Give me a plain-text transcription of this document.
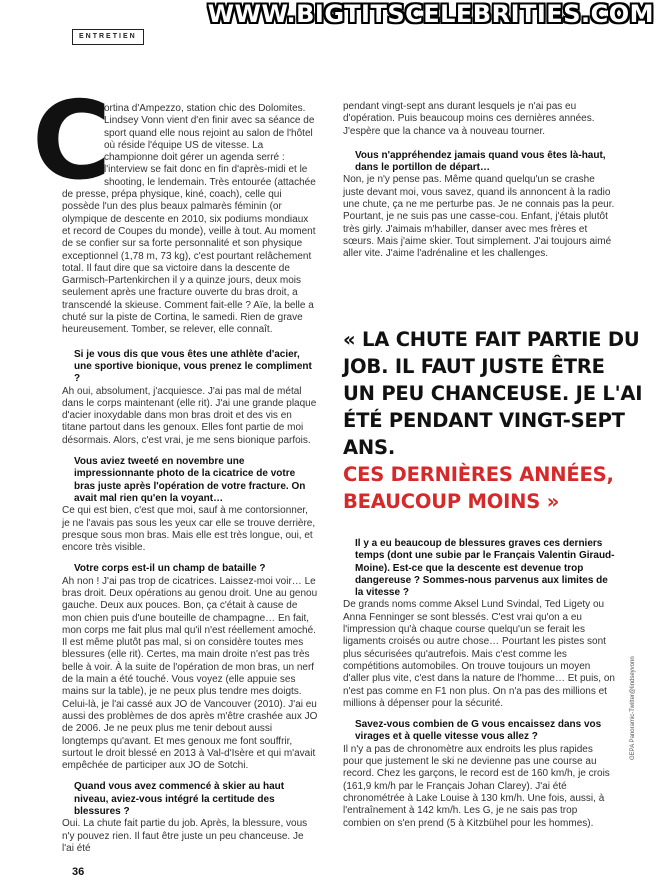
WWW.BIGTITSCELEBRITIES.COM
ENTRETIEN
C

ortina d'Ampezzo, station chic des Dolomites. Lindsey Vonn vient d'en finir avec sa séance de sport quand elle nous rejoint au salon de l'hôtel où réside l'équipe US de vitesse. La championne doit gérer un agenda serré : l'interview se fait donc en fin d'après-midi et le shooting, le lendemain. Très entourée (attachée de presse, prépa physique, kiné, coach), celle qui possède l'un des plus beaux palmarès féminin (or olympique de descente en 2010, six podiums mondiaux et record de Coupes du monde), veille à tout. Au moment de se confier sur sa forte personnalité et son physique exceptionnel (1,78 m, 73 kg), c'est pourtant relâchement total. Il faut dire que sa victoire dans la descente de Garmisch-Partenkirchen il y a quinze jours, deux mois seulement après une fracture ouverte du bras droit, a transcendé la skieuse. Comment fait-elle ? Aïe, la belle a chuté sur la piste de Cortina, le samedi. Rien de grave heureusement. Tomber, se relever, elle connaît.

Si je vous dis que vous êtes une athlète d'acier, une sportive bionique, vous prenez le compliment ?

Ah oui, absolument, j'acquiesce. J'ai pas mal de métal dans le corps maintenant (elle rit). J'ai une grande plaque d'acier inoxydable dans mon bras droit et des vis en titane partout dans les genoux. Elles font partie de moi désormais. Alors, c'est vrai, je me sens bionique parfois.

Vous aviez tweeté en novembre une impressionnante photo de la cicatrice de votre bras juste après l'opération de votre fracture. On avait mal rien qu'en la voyant…

Ce qui est bien, c'est que moi, sauf à me contorsionner, je ne l'avais pas sous les yeux car elle se trouve derrière, presque sous mon bras. Mais elle est très longue, oui, et encore très visible.

Votre corps est-il un champ de bataille ?

Ah non ! J'ai pas trop de cicatrices. Laissez-moi voir… Le bras droit. Deux opérations au genou droit. Une au genou gauche. Deux aux pouces. Bon, ça c'était à cause de mon chien puis d'une bouteille de champagne… En fait, mon corps me fait plus mal qu'il n'est réellement amoché. Il est même plutôt pas mal, si on considère toutes mes blessures (elle rit). Certes, ma main droite n'est pas très belle à voir. À la suite de l'opération de mon bras, un nerf de la main a été touché. Vous voyez (elle appuie ses mains sur la table), je ne peux plus tendre mes doigts. Celui-là, je l'ai cassé aux JO de Vancouver (2010). J'ai eu aussi des problèmes de dos après m'être crashée aux JO de 2006. Je ne peux plus me tenir debout aussi longtemps qu'avant. Et mes genoux me font souffrir, surtout le droit blessé en 2013 à Val-d'Isère et qui m'avait empêchée de participer aux JO de Sotchi.

Quand vous avez commencé à skier au haut niveau, aviez-vous intégré la certitude des blessures ?

Oui. La chute fait partie du job. Après, la blessure, vous n'y pouvez rien. Il faut être juste un peu chanceuse. Je l'ai été

pendant vingt-sept ans durant lesquels je n'ai pas eu d'opération. Puis beaucoup moins ces dernières années. J'espère que la chance va à nouveau tourner.

Vous n'appréhendez jamais quand vous êtes là-haut, dans le portillon de départ…

Non, je n'y pense pas. Même quand quelqu'un se crashe juste devant moi, vous savez, quand ils annoncent à la radio une chute, ça ne me perturbe pas. Je ne connais pas la peur. Pourtant, je ne suis pas une casse-cou. Enfant, j'étais plutôt très girly. J'aimais m'habiller, danser avec mes frères et sœurs. Mais j'aime skier. Tout simplement. J'ai toujours aimé aller vite. J'aime l'adrénaline et les challenges.

« LA CHUTE FAIT PARTIE DU JOB. IL FAUT JUSTE ÊTRE UN PEU CHANCEUSE. JE L'AI ÉTÉ PENDANT VINGT-SEPT ANS.
CES DERNIÈRES ANNÉES, BEAUCOUP MOINS »

Il y a eu beaucoup de blessures graves ces derniers temps (dont une subie par le Français Valentin Giraud-Moine). Est-ce que la descente est devenue trop dangereuse ? Sommes-nous parvenus aux limites de la vitesse ?

De grands noms comme Aksel Lund Svindal, Ted Ligety ou Anna Fenninger se sont blessés. C'est vrai qu'on a eu l'impression qu'à chaque course quelqu'un se ferait les ligaments croisés ou autre chose… Pourtant les pistes sont plus sécurisées qu'autrefois. Mais c'est comme les compétitions automobiles. On trouve toujours un moyen d'aller plus vite, c'est dans la nature de l'homme… Et puis, on n'est pas comme en F1 non plus. On n'a pas des millions et millions à dépenser pour la sécurité.

Savez-vous combien de G vous encaissez dans vos virages et à quelle vitesse vous allez ?

Il n'y a pas de chronomètre aux endroits les plus rapides pour que justement le ski ne devienne pas une course au record. Chez les garçons, le record est de 160 km/h, je crois (161,9 km/h par le Français Johan Clarey). J'ai été chronométrée à Lake Louise à 130 km/h. Une fois, aussi, à l'entraînement à 142 km/h. Les G, je ne sais pas trop combien on s'en prend (5 à Kitzbühel pour les hommes).

36
GEPA Panoramic-Twitter@lindseyvonn
